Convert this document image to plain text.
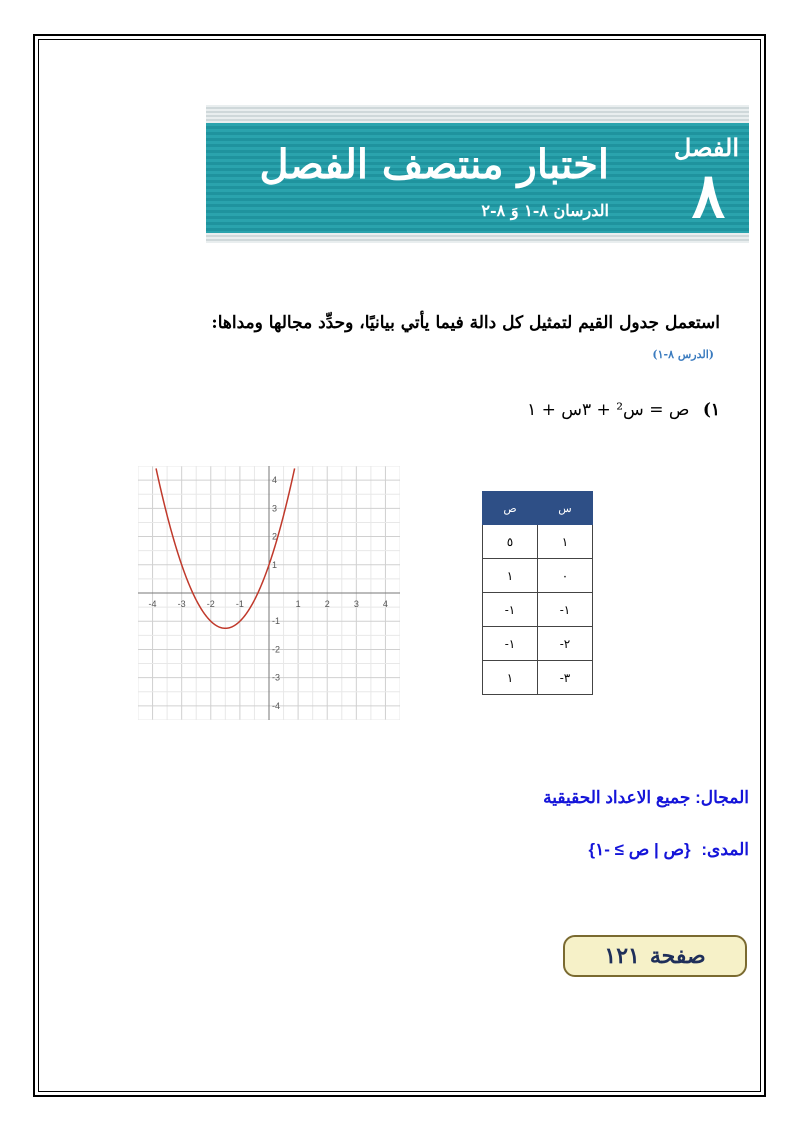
الفصل
٨
اختبار منتصف الفصل
الدرسان ٨-١ وَ ٨-٢
استعمل جدول القيم لتمثيل كل دالة فيما يأتي بيانيًا، وحدِّد مجالها ومداها: (الدرس ٨-١)
١) ص = س² + ٣س + ١
س	ص
١	٥
٠	١
١-	١-
٢-	١-
٣-	١
-4 -3 -2 -1	1	2	3	4
4
3
2
1
-1
-2
-3
-4
المجال: جميع الاعداد الحقيقية
المدى: {ص | ص ≥ -١}
صفحة
١٢١
